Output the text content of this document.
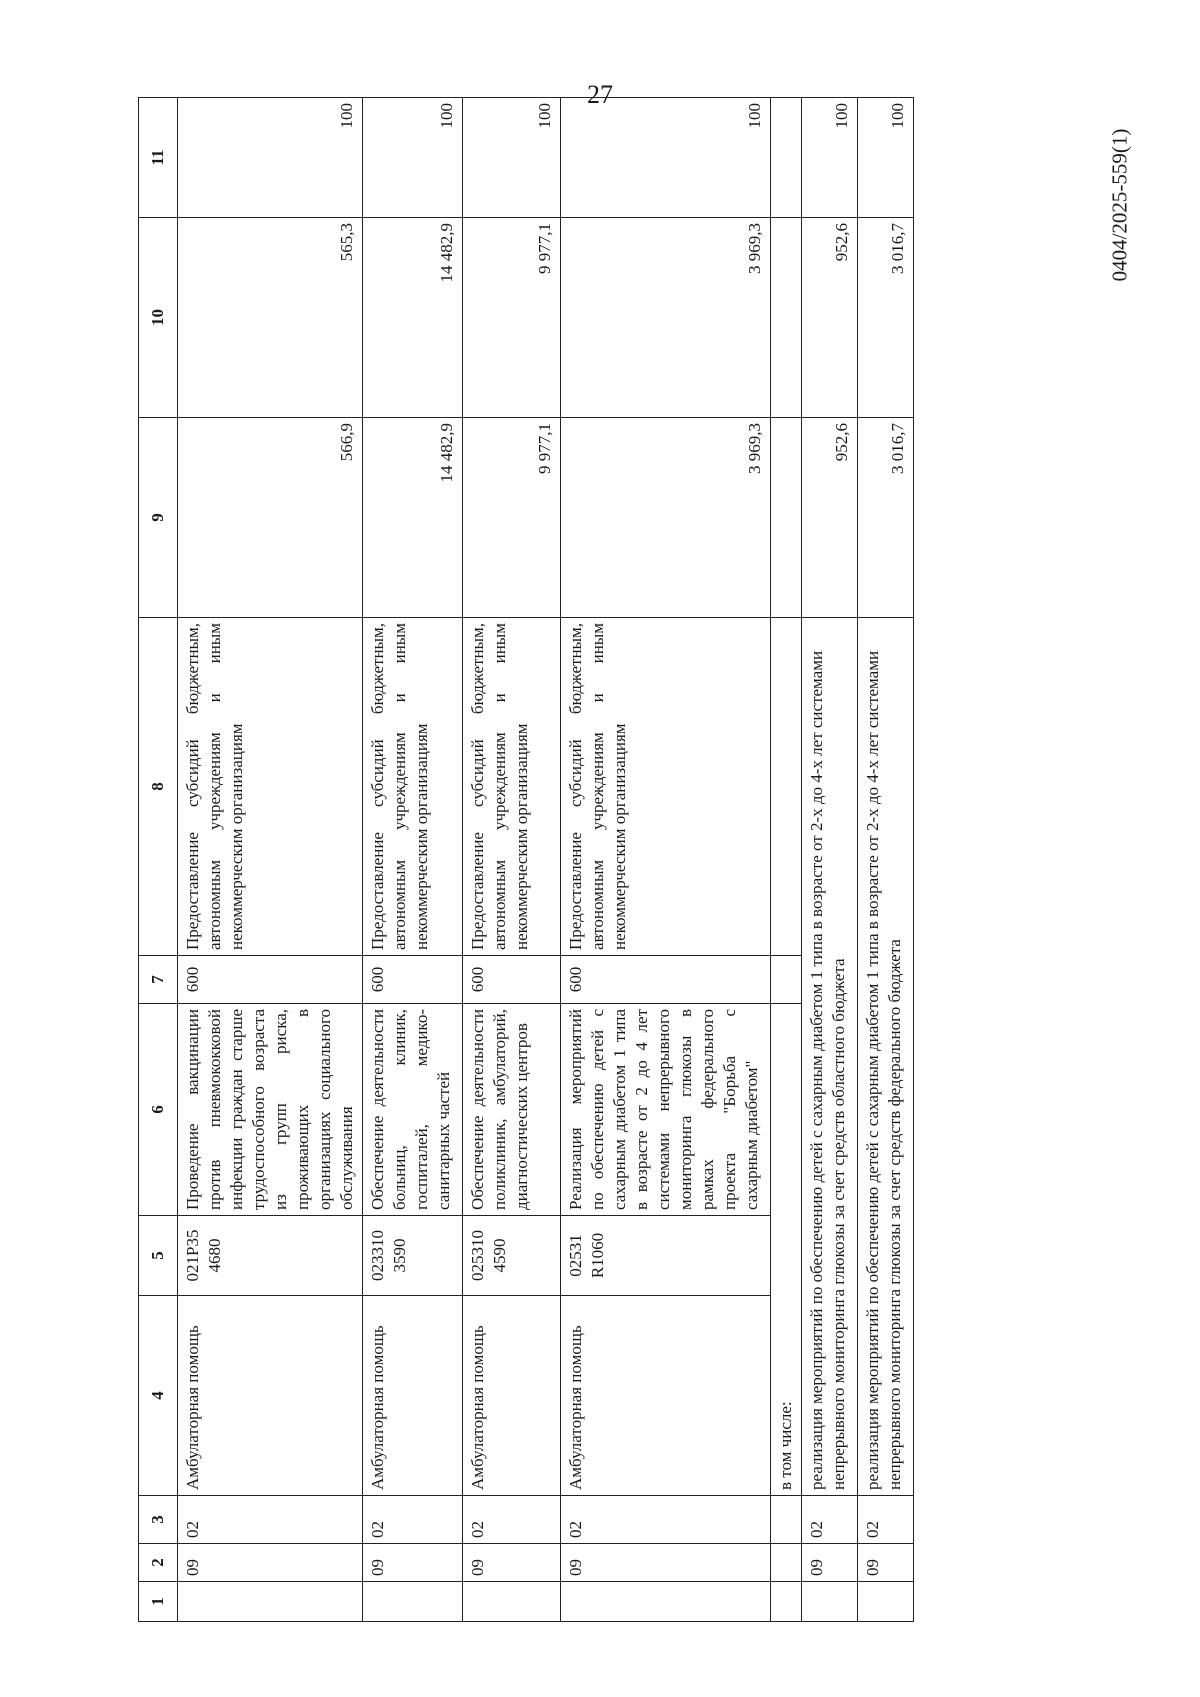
27
0404/2025-559(1)
1	2	3	4	5	6	7	8	9	10	11
	09	02	Амбулаторная помощь	021P35 4680	Проведение вакцинации против пневмококковой инфекции граждан старше трудоспособного возраста из групп риска, проживающих в организациях социального обслуживания	600	Предоставление субсидий бюджетным, автономным учреждениям и иным некоммерческим организациям	566,9	565,3	100
	09	02	Амбулаторная помощь	023310 3590	Обеспечение деятельности больниц, клиник, госпиталей, медико-санитарных частей	600	Предоставление субсидий бюджетным, автономным учреждениям и иным некоммерческим организациям	14 482,9	14 482,9	100
	09	02	Амбулаторная помощь	025310 4590	Обеспечение деятельности поликлиник, амбулаторий, диагностических центров	600	Предоставление субсидий бюджетным, автономным учреждениям и иным некоммерческим организациям	9 977,1	9 977,1	100
	09	02	Амбулаторная помощь	02531 R1060	Реализация мероприятий по обеспечению детей с сахарным диабетом 1 типа в возрасте от 2 до 4 лет системами непрерывного мониторинга глюкозы в рамках федерального проекта "Борьба с сахарным диабетом"	600	Предоставление субсидий бюджетным, автономным учреждениям и иным некоммерческим организациям	3 969,3	3 969,3	100
			в том числе:							
	09	02	реализация мероприятий по обеспечению детей с сахарным диабетом 1 типа в возрасте от 2-х до 4-х лет системами непрерывного мониторинга глюкозы за счет средств областного бюджета					952,6	952,6	100
	09	02	реализация мероприятий по обеспечению детей с сахарным диабетом 1 типа в возрасте от 2-х до 4-х лет системами непрерывного мониторинга глюкозы за счет средств федерального бюджета					3 016,7	3 016,7	100
